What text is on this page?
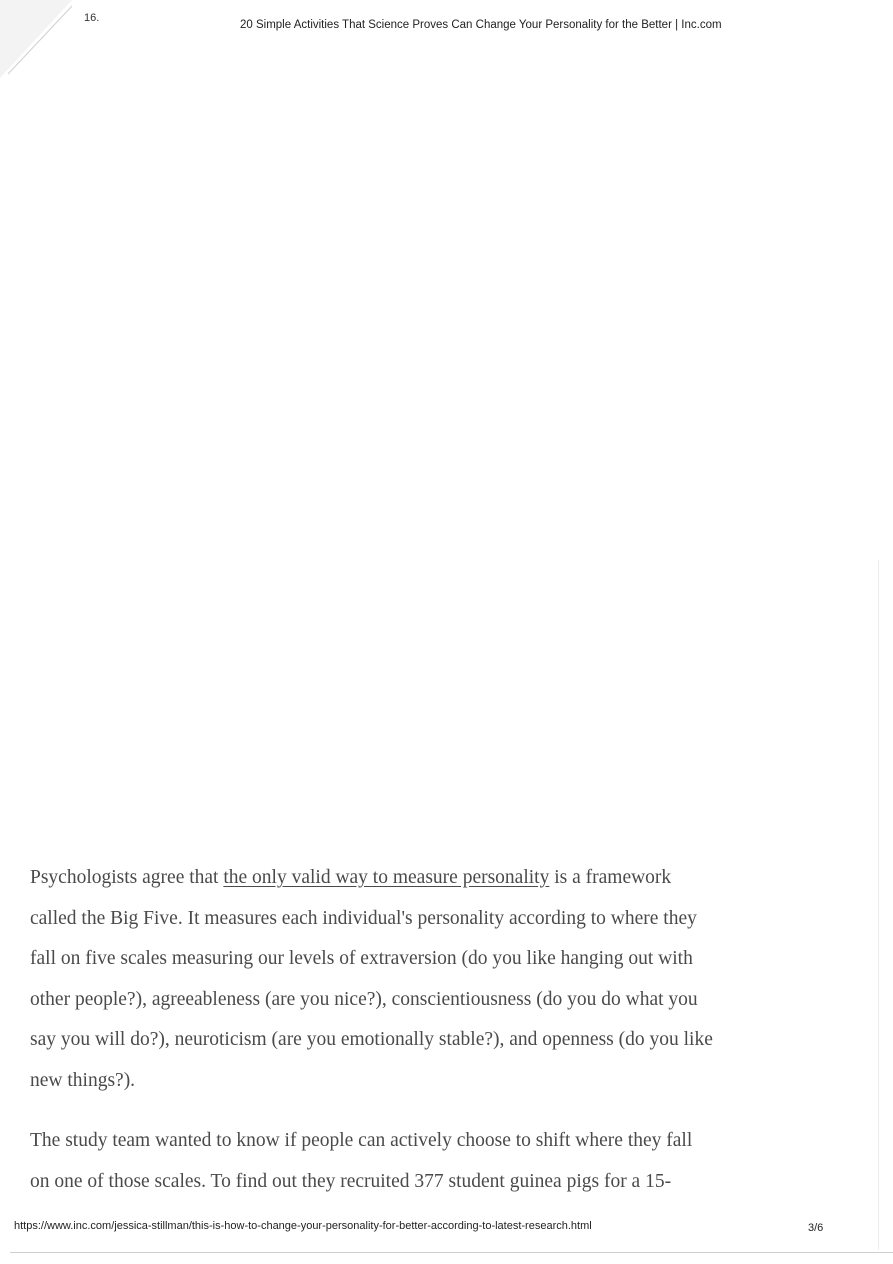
16.
20 Simple Activities That Science Proves Can Change Your Personality for the Better | Inc.com

Psychologists agree that the only valid way to measure personality is a framework
called the Big Five. It measures each individual's personality according to where they
fall on five scales measuring our levels of extraversion (do you like hanging out with
other people?), agreeableness (are you nice?), conscientiousness (do you do what you
say you will do?), neuroticism (are you emotionally stable?), and openness (do you like
new things?).

The study team wanted to know if people can actively choose to shift where they fall
on one of those scales. To find out they recruited 377 student guinea pigs for a 15-

https://www.inc.com/jessica-stillman/this-is-how-to-change-your-personality-for-better-according-to-latest-research.html	3/6
